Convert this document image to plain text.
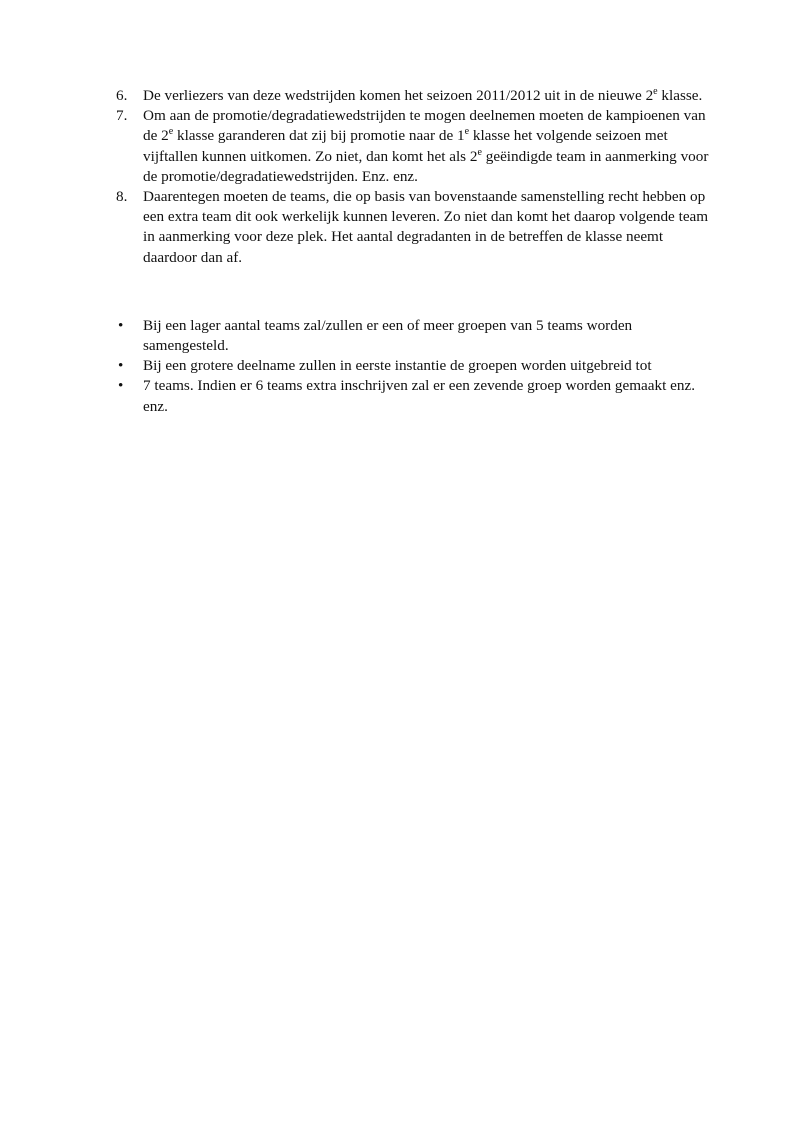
6.	De verliezers van deze wedstrijden komen het seizoen 2011/2012 uit in de nieuwe 2e klasse.
7.	Om aan de promotie/degradatiewedstrijden te mogen deelnemen moeten de kampioenen van de 2e klasse garanderen dat zij bij promotie naar de 1e klasse het volgende seizoen met vijftallen kunnen uitkomen. Zo niet, dan komt het als 2e geëindigde team in aanmerking voor de promotie/degradatiewedstrijden. Enz. enz.
8.	Daarentegen moeten de teams, die op basis van bovenstaande samenstelling recht hebben op een extra team dit ook werkelijk kunnen leveren. Zo niet dan komt het daarop volgende team in aanmerking voor deze plek. Het aantal degradanten in de betreffen de klasse neemt daardoor dan af.
• Bij een lager aantal teams zal/zullen er een of meer groepen van 5 teams worden samengesteld.
• Bij een grotere deelname zullen in eerste instantie de groepen worden uitgebreid tot
• 7 teams. Indien er 6 teams extra inschrijven zal er een zevende groep worden gemaakt enz. enz.
